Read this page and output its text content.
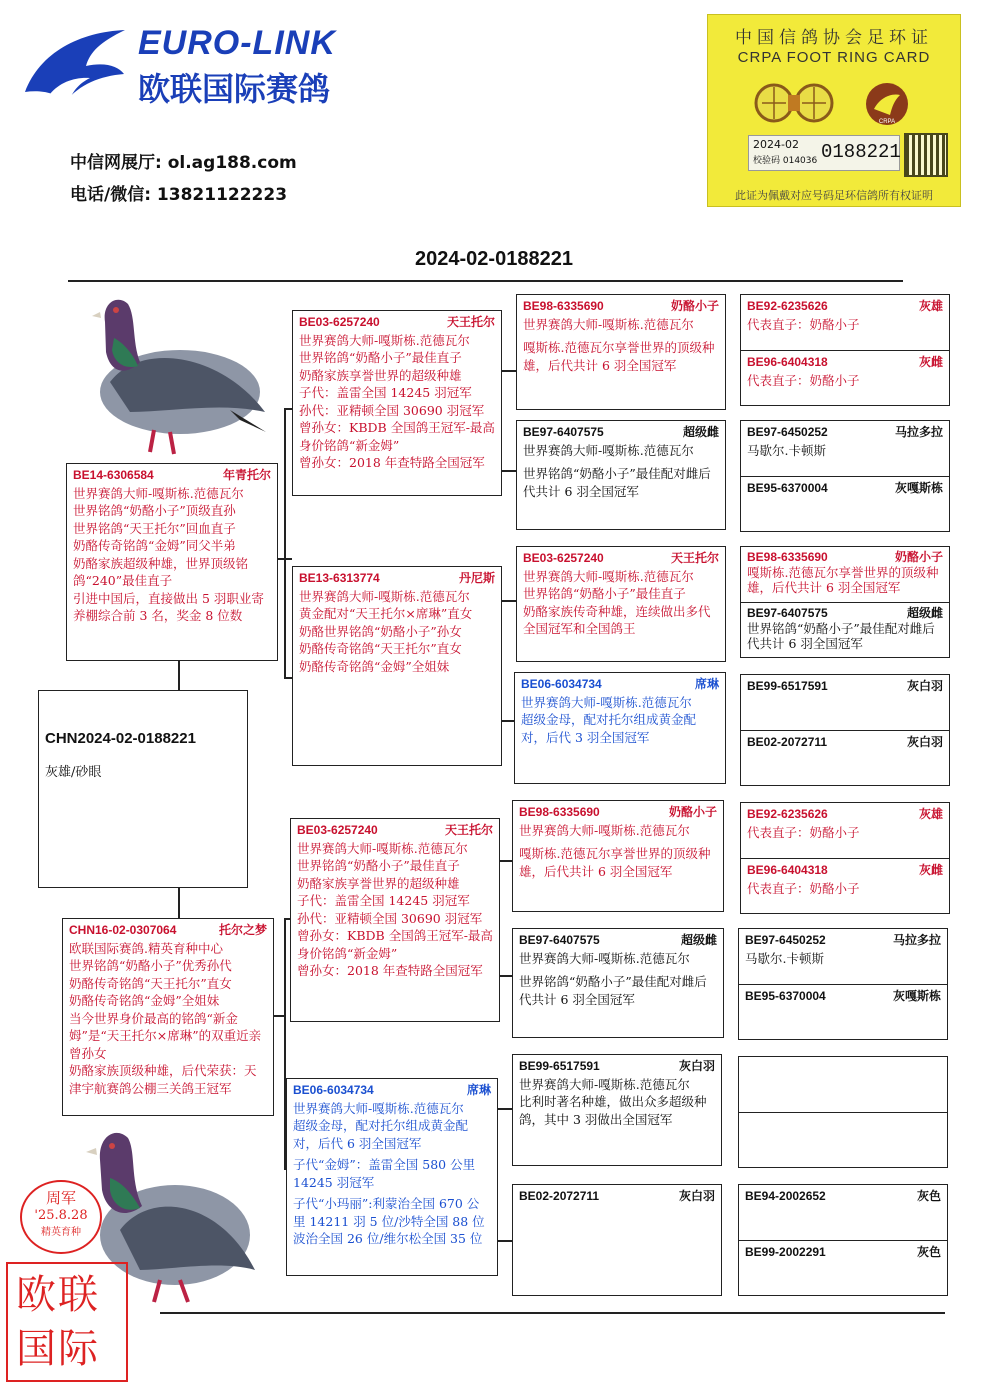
EURO-LINK
欧联国际赛鸽
中信网展厅: ol.ag188.com
电话/微信: 13821122223
中国信鸽协会足环证
CRPA FOOT RING CARD
CRPA
2024-02
校验码 014036 0188221
此证为佩戴对应号码足环信鸽所有权证明
2024-02-0188221
CHN2024-02-0188221
灰雄/砂眼
BE14-6306584	年青托尔
世界赛鸽大师-嘎斯栋.范德瓦尔
世界铭鸽“奶酪小子”顶级直孙
世界铭鸽“天王托尔”回血直子
奶酪传奇铭鸽“金姆”同父半弟
奶酪家族超级种雄，世界顶级铭鸽“240”最佳直子
引进中国后，直接做出 5 羽职业寄养棚综合前 3 名，奖金 8 位数
CHN16-02-0307064	托尔之梦
欧联国际赛鸽.精英育种中心
世界铭鸽“奶酪小子”优秀孙代
奶酪传奇铭鸽“天王托尔”直女
奶酪传奇铭鸽“金姆”全姐妹
当今世界身价最高的铭鸽“新金姆”是“天王托尔×席琳”的双重近亲曾孙女
奶酪家族顶级种雄，后代荣获：天津宇航赛鸽公棚三关鸽王冠军
BE03-6257240	天王托尔
世界赛鸽大师-嘎斯栋.范德瓦尔
世界铭鸽“奶酪小子”最佳直子
奶酪家族享誉世界的超级种雄
子代：盖雷全国 14245 羽冠军
孙代：亚精顿全国 30690 羽冠军
曾孙女：KBDB 全国鸽王冠军-最高身价铭鸽“新金姆”
曾孙女：2018 年查特路全国冠军
BE13-6313774	丹尼斯
世界赛鸽大师-嘎斯栋.范德瓦尔
黄金配对“天王托尔×席琳”直女
奶酪世界铭鸽“奶酪小子”孙女
奶酪传奇铭鸽“天王托尔”直女
奶酪传奇铭鸽“金姆”全姐妹
BE03-6257240	天王托尔
世界赛鸽大师-嘎斯栋.范德瓦尔
世界铭鸽“奶酪小子”最佳直子
奶酪家族享誉世界的超级种雄
子代：盖雷全国 14245 羽冠军
孙代：亚精顿全国 30690 羽冠军
曾孙女：KBDB 全国鸽王冠军-最高身价铭鸽“新金姆”
曾孙女：2018 年查特路全国冠军
BE06-6034734	席琳
世界赛鸽大师-嘎斯栋.范德瓦尔
超级金母，配对托尔组成黄金配对，后代 6 羽全国冠军
子代“金姆”：盖雷全国 580 公里 14245 羽冠军
子代“小玛丽”:利蒙治全国 670 公里 14211 羽 5 位/沙特全国 88 位波治全国 26 位/维尔松全国 35 位
BE98-6335690	奶酪小子
世界赛鸽大师-嘎斯栋.范德瓦尔
嘎斯栋.范德瓦尔享誉世界的顶级种雄，后代共计 6 羽全国冠军
BE97-6407575	超级雌
世界赛鸽大师-嘎斯栋.范德瓦尔
世界铭鸽“奶酪小子”最佳配对雌后代共计 6 羽全国冠军
BE03-6257240	天王托尔
世界赛鸽大师-嘎斯栋.范德瓦尔
世界铭鸽“奶酪小子”最佳直子
奶酪家族传奇种雄，连续做出多代全国冠军和全国鸽王
BE06-6034734	席琳
世界赛鸽大师-嘎斯栋.范德瓦尔
超级金母，配对托尔组成黄金配对，后代 3 羽全国冠军
BE98-6335690	奶酪小子
世界赛鸽大师-嘎斯栋.范德瓦尔
嘎斯栋.范德瓦尔享誉世界的顶级种雄，后代共计 6 羽全国冠军
BE97-6407575	超级雌
世界赛鸽大师-嘎斯栋.范德瓦尔
世界铭鸽“奶酪小子”最佳配对雌后代共计 6 羽全国冠军
BE99-6517591	灰白羽
世界赛鸽大师-嘎斯栋.范德瓦尔
比利时著名种雄，做出众多超级种鸽，其中 3 羽做出全国冠军
BE02-2072711	灰白羽
BE92-6235626	灰雄
代表直子：奶酪小子
BE96-6404318	灰雌
代表直子：奶酪小子
BE97-6450252	马拉多拉
马歇尔.卡顿斯
BE95-6370004	灰嘎斯栋
BE98-6335690	奶酪小子
嘎斯栋.范德瓦尔享誉世界的顶级种雄，后代共计 6 羽全国冠军
BE97-6407575	超级雌
世界铭鸽“奶酪小子”最佳配对雌后代共计 6 羽全国冠军
BE99-6517591	灰白羽
BE02-2072711	灰白羽
BE92-6235626	灰雄
代表直子：奶酪小子
BE96-6404318	灰雌
代表直子：奶酪小子
BE97-6450252	马拉多拉
马歇尔.卡顿斯
BE95-6370004	灰嘎斯栋
BE94-2002652	灰色
BE99-2002291	灰色
周军
'25.8.28
精英育种
欧联国际
